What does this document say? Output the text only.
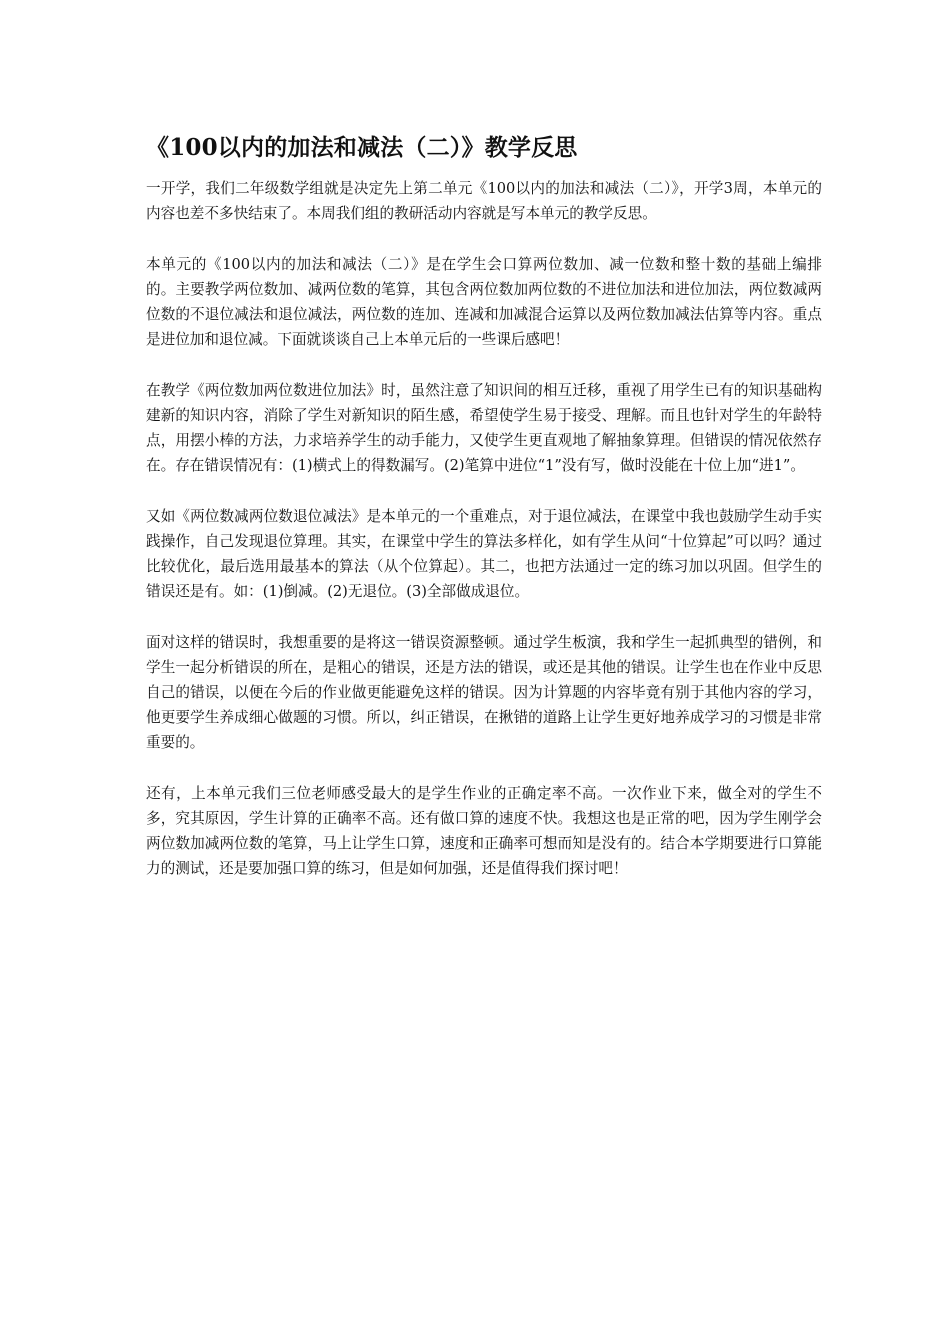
《100以内的加法和减法（二）》教学反思

一开学，我们二年级数学组就是决定先上第二单元《100以内的加法和减法（二）》，开学3周，本单元的内容也差不多快结束了。本周我们组的教研活动内容就是写本单元的教学反思。

本单元的《100以内的加法和减法（二）》是在学生会口算两位数加、减一位数和整十数的基础上编排的。主要教学两位数加、减两位数的笔算，其包含两位数加两位数的不进位加法和进位加法，两位数减两位数的不退位减法和退位减法，两位数的连加、连减和加减混合运算以及两位数加减法估算等内容。重点是进位加和退位减。下面就谈谈自己上本单元后的一些课后感吧！

在教学《两位数加两位数进位加法》时，虽然注意了知识间的相互迁移，重视了用学生已有的知识基础构建新的知识内容，消除了学生对新知识的陌生感，希望使学生易于接受、理解。而且也针对学生的年龄特点，用摆小棒的方法，力求培养学生的动手能力，又使学生更直观地了解抽象算理。但错误的情况依然存在。存在错误情况有：(1)横式上的得数漏写。(2)笔算中进位“1”没有写，做时没能在十位上加“进1”。

又如《两位数减两位数退位减法》是本单元的一个重难点，对于退位减法，在课堂中我也鼓励学生动手实践操作，自己发现退位算理。其实，在课堂中学生的算法多样化，如有学生从问“十位算起”可以吗？通过比较优化，最后选用最基本的算法（从个位算起）。其二，也把方法通过一定的练习加以巩固。但学生的错误还是有。如：(1)倒减。(2)无退位。(3)全部做成退位。

面对这样的错误时，我想重要的是将这一错误资源整顿。通过学生板演，我和学生一起抓典型的错例，和学生一起分析错误的所在，是粗心的错误，还是方法的错误，或还是其他的错误。让学生也在作业中反思自己的错误，以便在今后的作业做更能避免这样的错误。因为计算题的内容毕竟有别于其他内容的学习，他更要学生养成细心做题的习惯。所以，纠正错误，在揪错的道路上让学生更好地养成学习的习惯是非常重要的。

还有，上本单元我们三位老师感受最大的是学生作业的正确定率不高。一次作业下来，做全对的学生不多，究其原因，学生计算的正确率不高。还有做口算的速度不快。我想这也是正常的吧，因为学生刚学会两位数加减两位数的笔算，马上让学生口算，速度和正确率可想而知是没有的。结合本学期要进行口算能力的测试，还是要加强口算的练习，但是如何加强，还是值得我们探讨吧！
